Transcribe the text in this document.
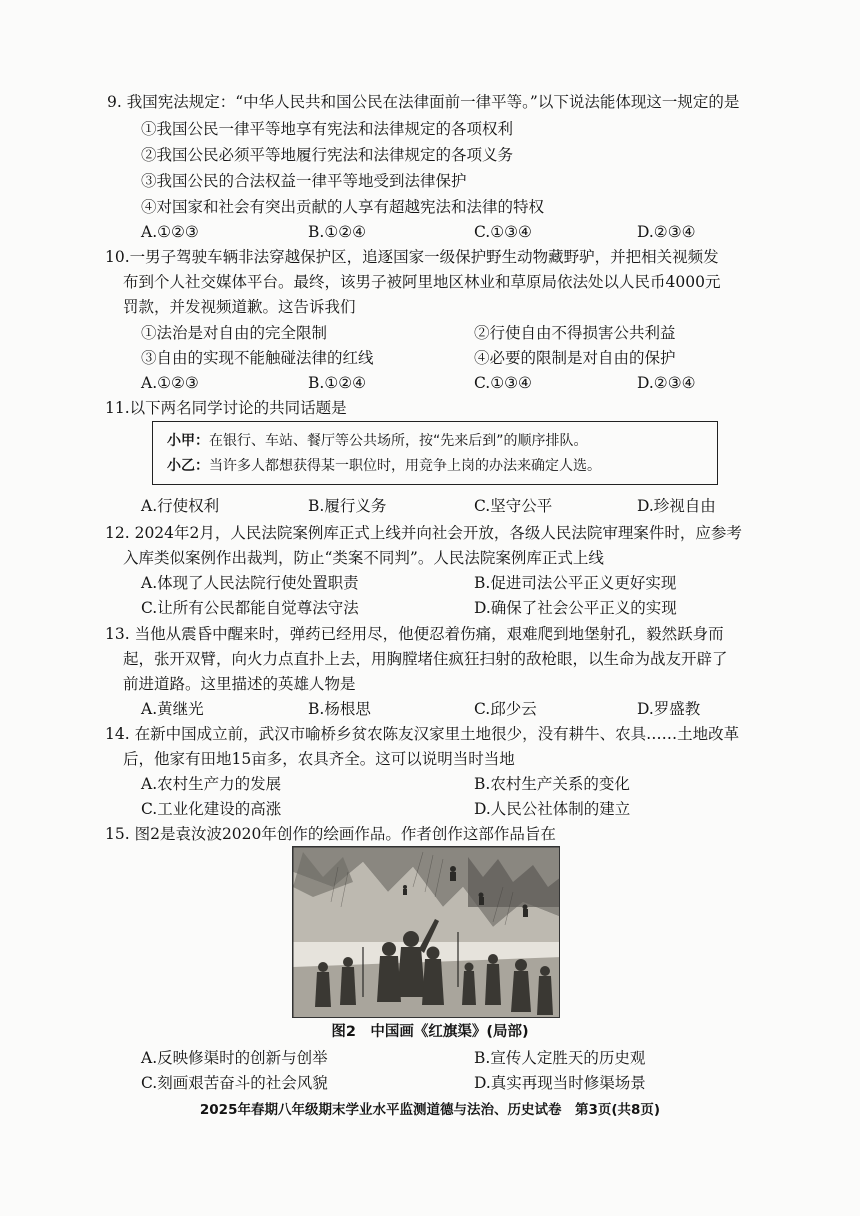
9. 我国宪法规定：“中华人民共和国公民在法律面前一律平等。”以下说法能体现这一规定的是
①我国公民一律平等地享有宪法和法律规定的各项权利
②我国公民必须平等地履行宪法和法律规定的各项义务
③我国公民的合法权益一律平等地受到法律保护
④对国家和社会有突出贡献的人享有超越宪法和法律的特权
A.①②③	B.①②④	C.①③④	D.②③④
10.一男子驾驶车辆非法穿越保护区，追逐国家一级保护野生动物藏野驴，并把相关视频发
布到个人社交媒体平台。最终，该男子被阿里地区林业和草原局依法处以人民币4000元
罚款，并发视频道歉。这告诉我们
①法治是对自由的完全限制	②行使自由不得损害公共利益
③自由的实现不能触碰法律的红线	④必要的限制是对自由的保护
A.①②③	B.①②④	C.①③④	D.②③④
11.以下两名同学讨论的共同话题是
小甲：在银行、车站、餐厅等公共场所，按“先来后到”的顺序排队。
小乙：当许多人都想获得某一职位时，用竞争上岗的办法来确定人选。
A.行使权利	B.履行义务	C.坚守公平	D.珍视自由
12. 2024年2月，人民法院案例库正式上线并向社会开放，各级人民法院审理案件时，应参考
入库类似案例作出裁判，防止“类案不同判”。人民法院案例库正式上线
A.体现了人民法院行使处置职责	B.促进司法公平正义更好实现
C.让所有公民都能自觉尊法守法	D.确保了社会公平正义的实现
13. 当他从震昏中醒来时，弹药已经用尽，他便忍着伤痛，艰难爬到地堡射孔，毅然跃身而
起，张开双臂，向火力点直扑上去，用胸膛堵住疯狂扫射的敌枪眼，以生命为战友开辟了
前进道路。这里描述的英雄人物是
A.黄继光	B.杨根思	C.邱少云	D.罗盛教
14. 在新中国成立前，武汉市喻桥乡贫农陈友汉家里土地很少，没有耕牛、农具……土地改革
后，他家有田地15亩多，农具齐全。这可以说明当时当地
A.农村生产力的发展	B.农村生产关系的变化
C.工业化建设的高涨	D.人民公社体制的建立
15. 图2是袁汝波2020年创作的绘画作品。作者创作这部作品旨在
图2　中国画《红旗渠》(局部)
A.反映修渠时的创新与创举	B.宣传人定胜天的历史观
C.刻画艰苦奋斗的社会风貌	D.真实再现当时修渠场景
2025年春期八年级期末学业水平监测道德与法治、历史试卷　第3页(共8页)
